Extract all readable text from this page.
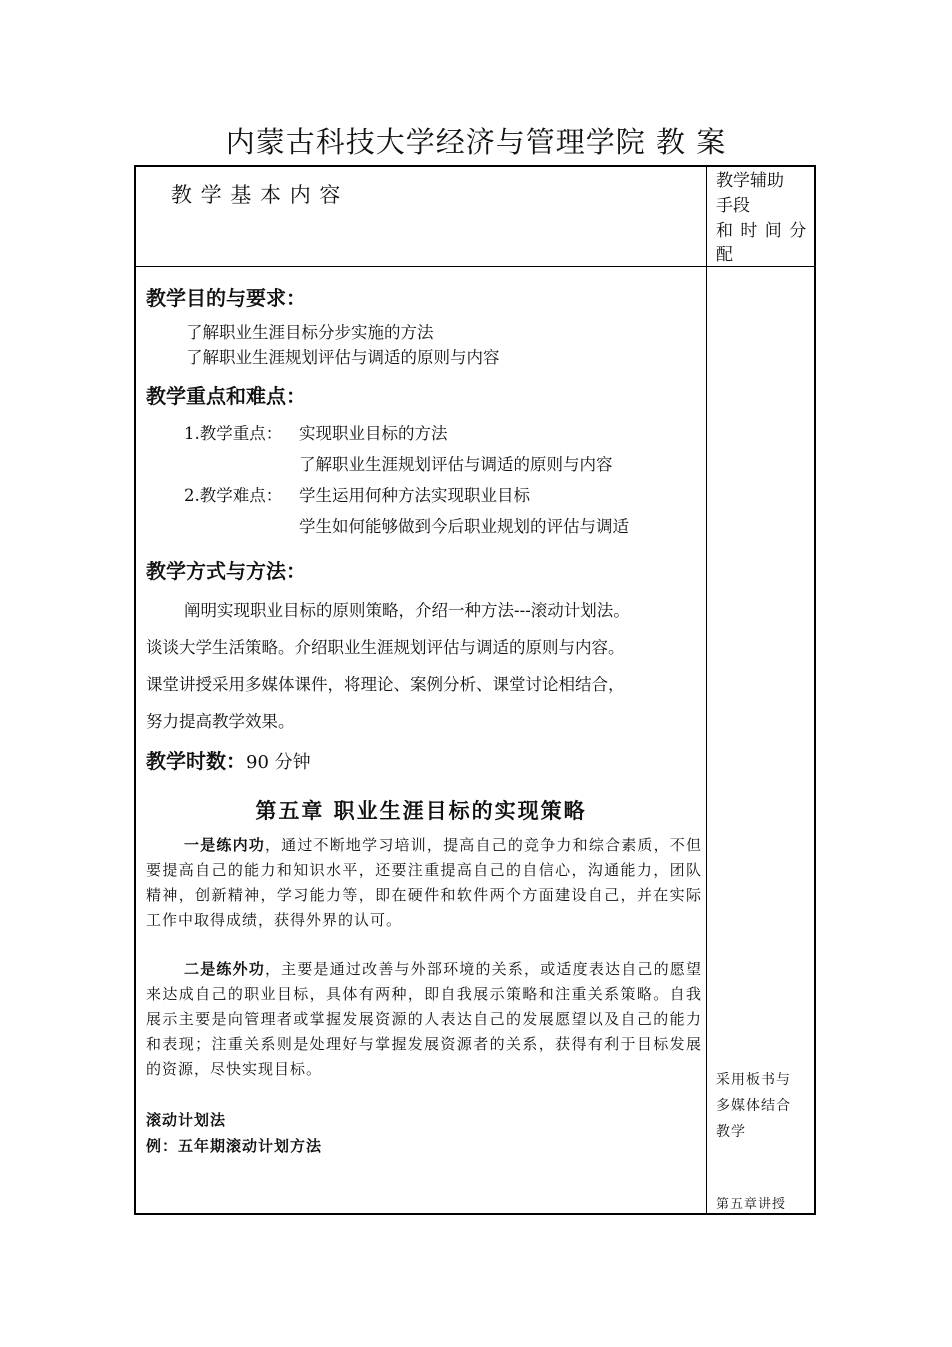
内蒙古科技大学经济与管理学院 教 案
教 学 基 本 内 容
教学辅助
手段
和 时 间 分
配
教学目的与要求：
了解职业生涯目标分步实施的方法
了解职业生涯规划评估与调适的原则与内容
教学重点和难点：
1.教学重点： 实现职业目标的方法
了解职业生涯规划评估与调适的原则与内容
2.教学难点： 学生运用何种方法实现职业目标
学生如何能够做到今后职业规划的评估与调适
教学方式与方法：
阐明实现职业目标的原则策略，介绍一种方法---滚动计划法。
谈谈大学生活策略。介绍职业生涯规划评估与调适的原则与内容。
课堂讲授采用多媒体课件，将理论、案例分析、课堂讨论相结合，
努力提高教学效果。
教学时数：90 分钟
第五章 职业生涯目标的实现策略
一是练内功，通过不断地学习培训，提高自己的竞争力和综合素质，不但要提高自己的能力和知识水平，还要注重提高自己的自信心，沟通能力，团队精神，创新精神，学习能力等，即在硬件和软件两个方面建设自己，并在实际工作中取得成绩，获得外界的认可。
二是练外功，主要是通过改善与外部环境的关系，或适度表达自己的愿望来达成自己的职业目标，具体有两种，即自我展示策略和注重关系策略。自我展示主要是向管理者或掌握发展资源的人表达自己的发展愿望以及自己的能力和表现；注重关系则是处理好与掌握发展资源者的关系，获得有利于目标发展的资源，尽快实现目标。
滚动计划法
例：五年期滚动计划方法
采用板书与
多媒体结合
教学
第五章讲授
